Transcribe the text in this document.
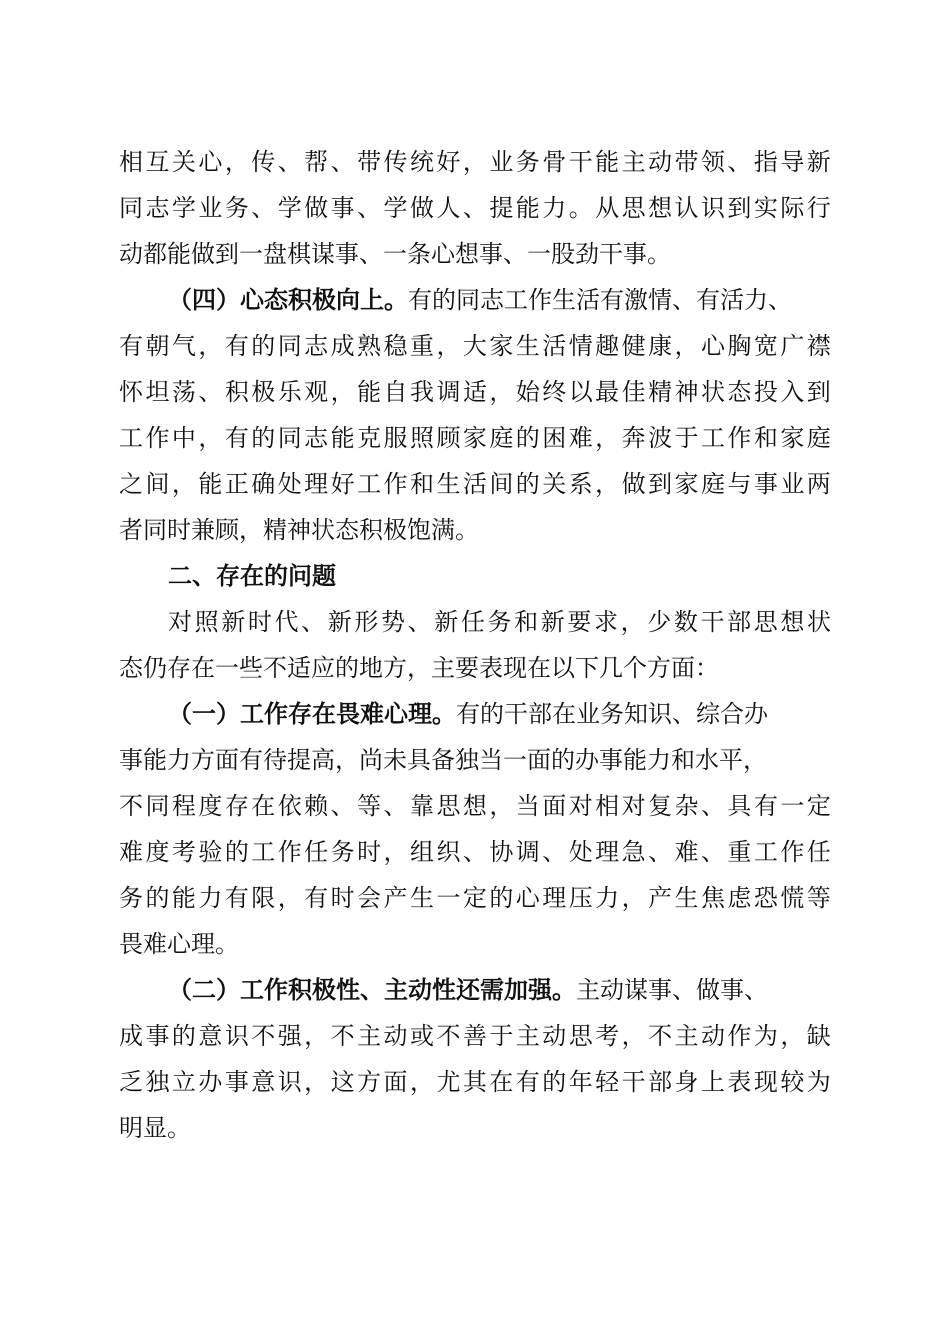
相 互 关 心 ， 传 、 帮 、 带 传 统 好 ， 业 务 骨 干 能 主 动 带 领 、 指 导 新
同 志 学 业 务 、 学 做 事 、 学 做 人 、 提 能 力 。 从 思 想 认 识 到 实 际 行
动都能做到一盘棋谋事、一条心想事、一股劲干事。
（四）心态积极向上。有的同志工作生活有激情、有活力、
有 朝 气 ， 有 的 同 志 成 熟 稳 重 ， 大 家 生 活 情 趣 健 康 ， 心 胸 宽 广 襟
怀 坦 荡 、 积 极 乐 观 ， 能 自 我 调 适 ， 始 终 以 最 佳 精 神 状 态 投 入 到
工 作 中 ， 有 的 同 志 能 克 服 照 顾 家 庭 的 困 难 ， 奔 波 于 工 作 和 家 庭
之 间 ， 能 正 确 处 理 好 工 作 和 生 活 间 的 关 系 ， 做 到 家 庭 与 事 业 两
者同时兼顾，精神状态积极饱满。
二、存在的问题
对 照 新 时 代 、 新 形 势 、 新 任 务 和 新 要 求 ， 少 数 干 部 思 想 状
态仍存在一些不适应的地方，主要表现在以下几个方面：
（一）工作存在畏难心理。有的干部在业务知识、综合办
事能力方面有待提高，尚未具备独当一面的办事能力和水平，
不 同 程 度 存 在 依 赖 、 等 、 靠 思 想 ， 当 面 对 相 对 复 杂 、 具 有 一 定
难 度 考 验 的 工 作 任 务 时 ， 组 织 、 协 调 、 处 理 急 、 难 、 重 工 作 任
务 的 能 力 有 限 ， 有 时 会 产 生 一 定 的 心 理 压 力 ， 产 生 焦 虑 恐 慌 等
畏难心理。
（二）工作积极性、主动性还需加强。主动谋事、做事、
成 事 的 意 识 不 强 ， 不 主 动 或 不 善 于 主 动 思 考 ， 不 主 动 作 为 ， 缺
乏 独 立 办 事 意 识 ， 这 方 面 ， 尤 其 在 有 的 年 轻 干 部 身 上 表 现 较 为
明显。
